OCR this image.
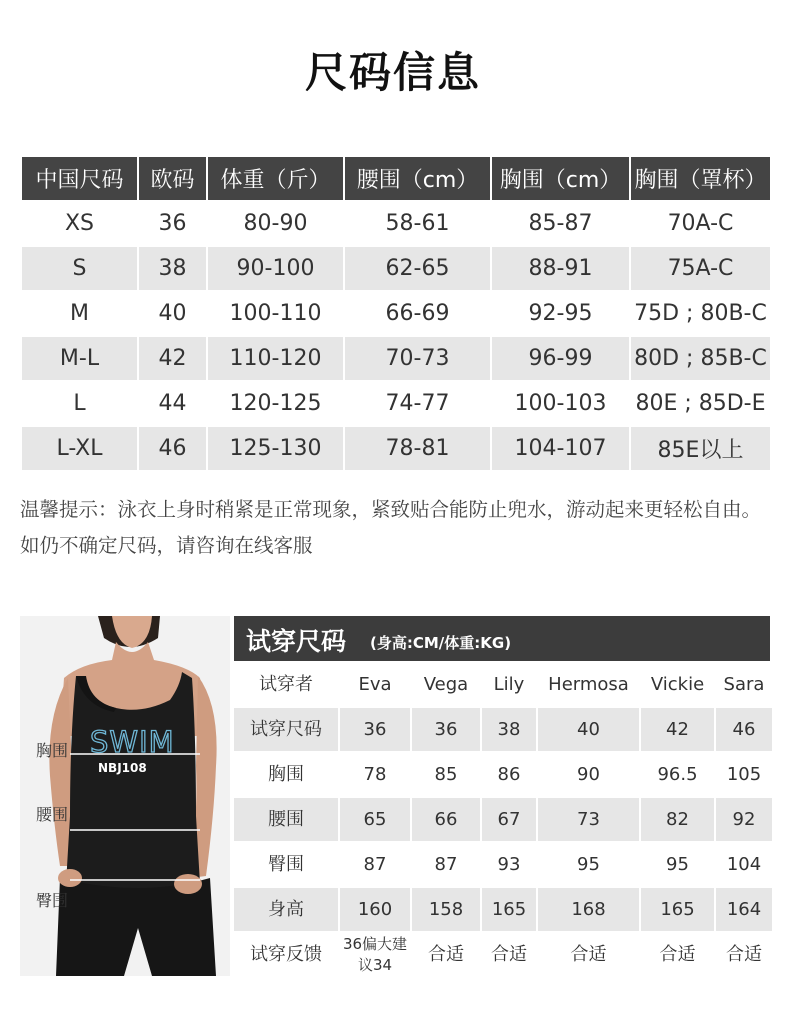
尺码信息
中国尺码	欧码	体重（斤）	腰围（cm）	胸围（cm）	胸围（罩杯）
XS	36	80-90	58-61	85-87	70A-C
S	38	90-100	62-65	88-91	75A-C
M	40	100-110	66-69	92-95	75D ; 80B-C
M-L	42	110-120	70-73	96-99	80D ; 85B-C
L	44	120-125	74-77	100-103	80E ; 85D-E
L-XL	46	125-130	78-81	104-107	85E以上
温馨提示：泳衣上身时稍紧是正常现象，紧致贴合能防止兜水，游动起来更轻松自由。如仍不确定尺码，请咨询在线客服
SWIM
NBJ108
胸围
腰围
臀围
试穿尺码 (身高:CM/体重:KG)
试穿者	Eva	Vega	Lily	Hermosa	Vickie	Sara
试穿尺码	36	36	38	40	42	46
胸围	78	85	86	90	96.5	105
腰围	65	66	67	73	82	92
臀围	87	87	93	95	95	104
身高	160	158	165	168	165	164
试穿反馈	36偏大建议34	合适	合适	合适	合适	合适
